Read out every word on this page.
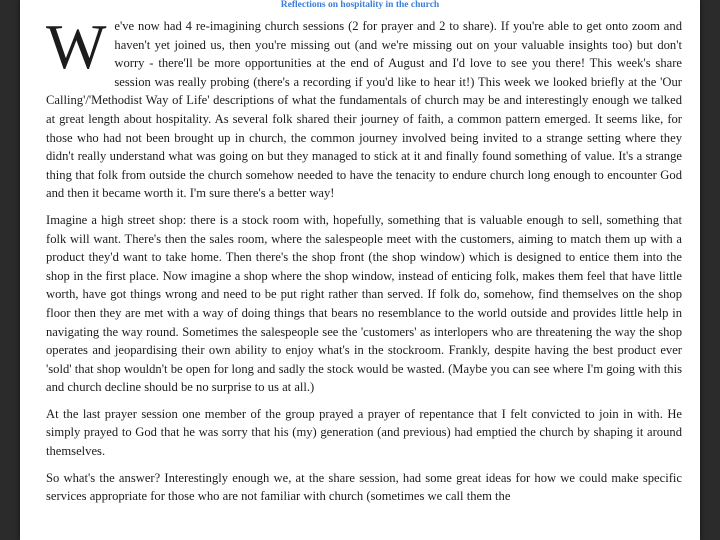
Reflections on hospitality in the church

We've now had 4 re-imagining church sessions (2 for prayer and 2 to share). If you're able to get onto zoom and haven't yet joined us, then you're missing out (and we're missing out on your valuable insights too) but don't worry - there'll be more opportunities at the end of August and I'd love to see you there! This week's share session was really probing (there's a recording if you'd like to hear it!) This week we looked briefly at the 'Our Calling'/'Methodist Way of Life' descriptions of what the fundamentals of church may be and interestingly enough we talked at great length about hospitality. As several folk shared their journey of faith, a common pattern emerged. It seems like, for those who had not been brought up in church, the common journey involved being invited to a strange setting where they didn't really understand what was going on but they managed to stick at it and finally found something of value. It's a strange thing that folk from outside the church somehow needed to have the tenacity to endure church long enough to encounter God and then it became worth it. I'm sure there's a better way!

Imagine a high street shop: there is a stock room with, hopefully, something that is valuable enough to sell, something that folk will want. There's then the sales room, where the salespeople meet with the customers, aiming to match them up with a product they'd want to take home. Then there's the shop front (the shop window) which is designed to entice them into the shop in the first place. Now imagine a shop where the shop window, instead of enticing folk, makes them feel that have little worth, have got things wrong and need to be put right rather than served. If folk do, somehow, find themselves on the shop floor then they are met with a way of doing things that bears no resemblance to the world outside and provides little help in navigating the way round. Sometimes the salespeople see the 'customers' as interlopers who are threatening the way the shop operates and jeopardising their own ability to enjoy what's in the stockroom. Frankly, despite having the best product ever 'sold' that shop wouldn't be open for long and sadly the stock would be wasted. (Maybe you can see where I'm going with this and church decline should be no surprise to us at all.)

At the last prayer session one member of the group prayed a prayer of repentance that I felt convicted to join in with. He simply prayed to God that he was sorry that his (my) generation (and previous) had emptied the church by shaping it around themselves.

So what's the answer? Interestingly enough we, at the share session, had some great ideas for how we could make specific services appropriate for those who are not familiar with church (sometimes we call them the
